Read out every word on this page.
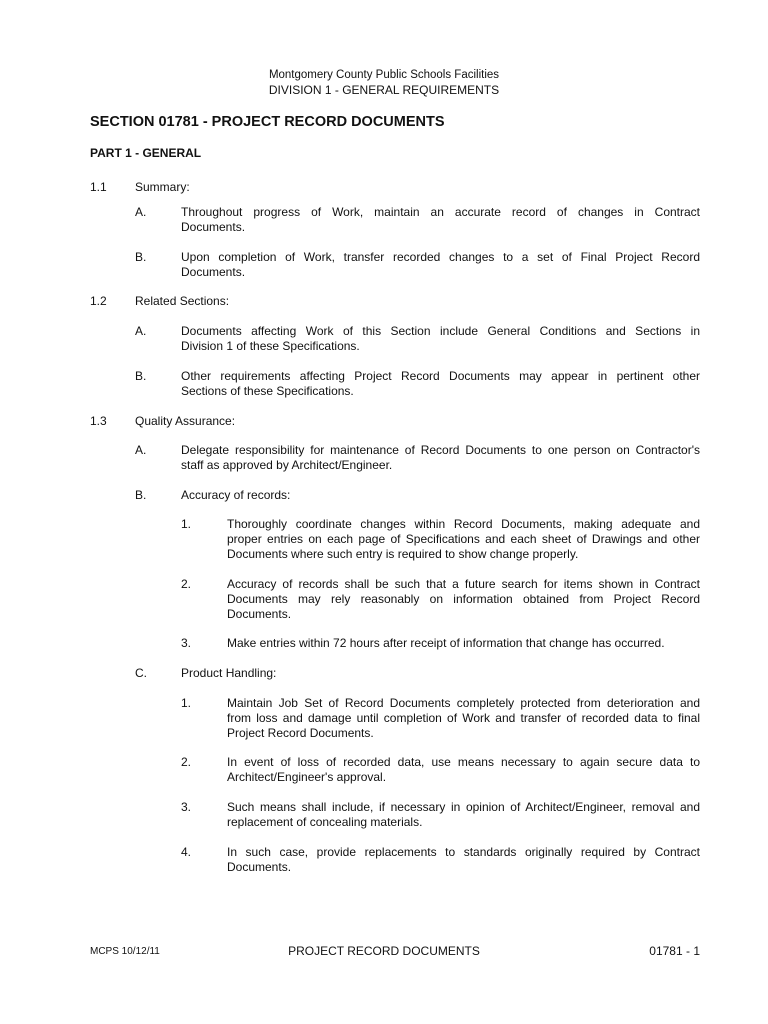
Montgomery County Public Schools Facilities
DIVISION 1 - GENERAL REQUIREMENTS
SECTION 01781 - PROJECT RECORD DOCUMENTS
PART 1 - GENERAL
1.1 Summary:
A.	Throughout progress of Work, maintain an accurate record of changes in Contract
Documents.
B.	Upon completion of Work, transfer recorded changes to a set of Final Project Record
Documents.
1.2 Related Sections:
A.	Documents affecting Work of this Section include General Conditions and Sections in
Division 1 of these Specifications.
B.	Other requirements affecting Project Record Documents may appear in pertinent other
Sections of these Specifications.
1.3 Quality Assurance:
A.	Delegate responsibility for maintenance of Record Documents to one person on Contractor's
staff as approved by Architect/Engineer.
B.	Accuracy of records:
1.	Thoroughly coordinate changes within Record Documents, making adequate and
proper entries on each page of Specifications and each sheet of Drawings and other
Documents where such entry is required to show change properly.
2.	Accuracy of records shall be such that a future search for items shown in Contract
Documents may rely reasonably on information obtained from Project Record
Documents.
3.	Make entries within 72 hours after receipt of information that change has occurred.
C.	Product Handling:
1.	Maintain Job Set of Record Documents completely protected from deterioration and
from loss and damage until completion of Work and transfer of recorded data to final
Project Record Documents.
2.	In event of loss of recorded data, use means necessary to again secure data to
Architect/Engineer's approval.
3.	Such means shall include, if necessary in opinion of Architect/Engineer, removal and
replacement of concealing materials.
4.	In such case, provide replacements to standards originally required by Contract
Documents.
MCPS 10/12/11	PROJECT RECORD DOCUMENTS	01781 - 1
